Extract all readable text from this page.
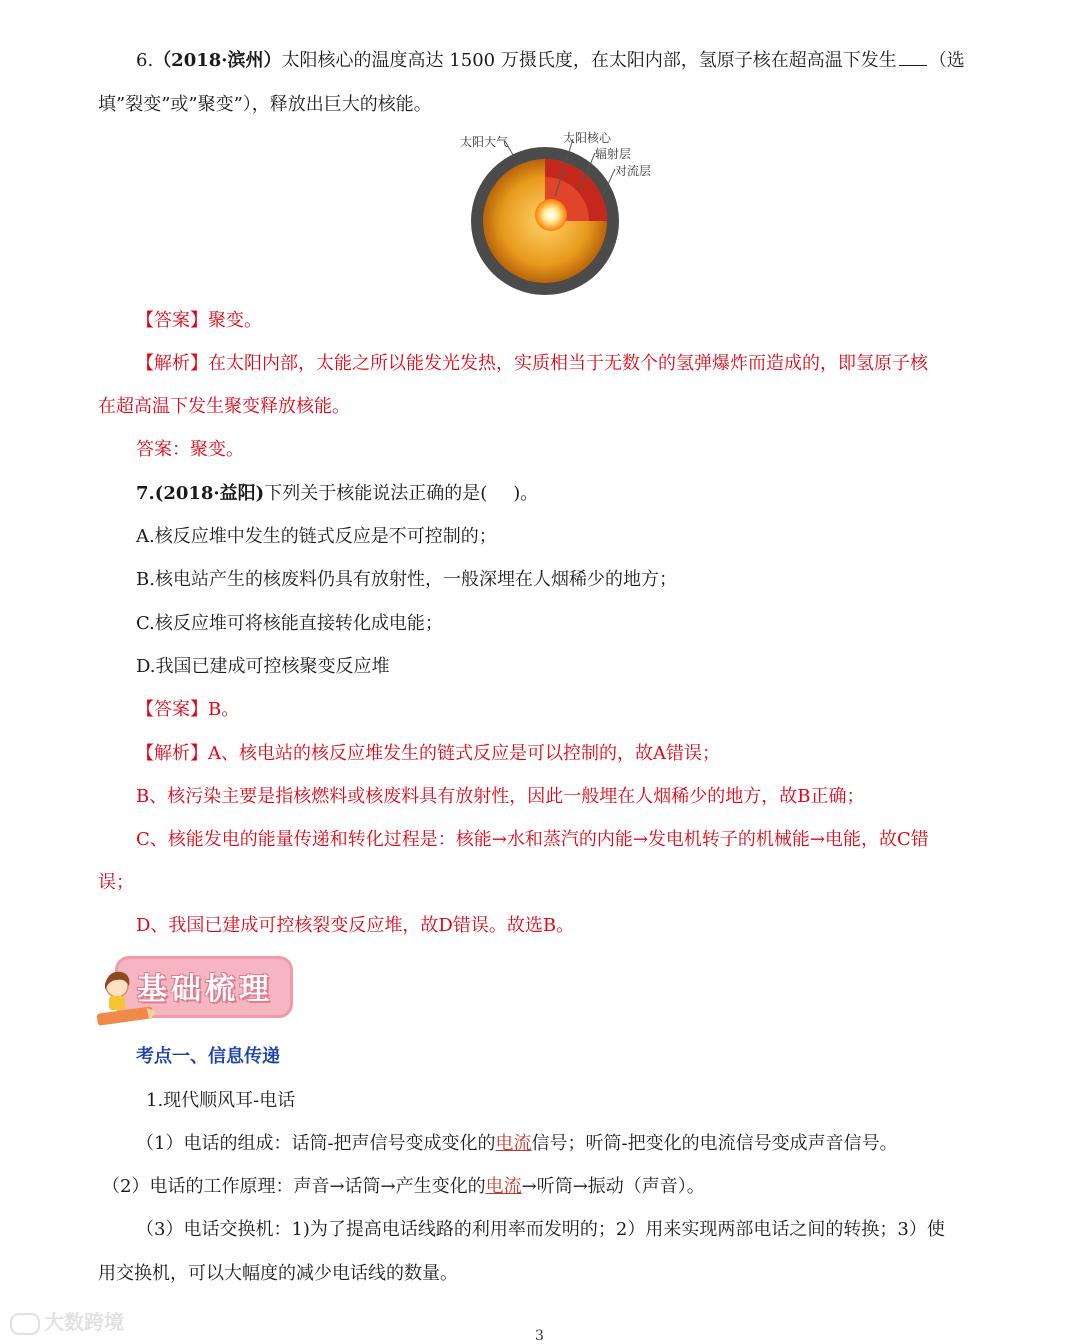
6.（2018·滨州）太阳核心的温度高达 1500 万摄氏度，在太阳内部，氢原子核在超高温下发生 （选
填”裂变”或”聚变”），释放出巨大的核能。
太阳大气	太阳核心
辐射层
对流层
【答案】聚变。
【解析】在太阳内部，太能之所以能发光发热，实质相当于无数个的氢弹爆炸而造成的，即氢原子核
在超高温下发生聚变释放核能。
答案：聚变。
7.(2018·益阳)下列关于核能说法正确的是( )。
A.核反应堆中发生的链式反应是不可控制的；
B.核电站产生的核废料仍具有放射性，一般深埋在人烟稀少的地方；
C.核反应堆可将核能直接转化成电能；
D.我国已建成可控核聚变反应堆
【答案】B。
【解析】A、核电站的核反应堆发生的链式反应是可以控制的，故A错误；
B、核污染主要是指核燃料或核废料具有放射性，因此一般埋在人烟稀少的地方，故B正确；
C、核能发电的能量传递和转化过程是：核能→水和蒸汽的内能→发电机转子的机械能→电能，故C错
误；
D、我国已建成可控核裂变反应堆，故D错误。故选B。
基础梳理
考点一、信息传递
1.现代顺风耳-电话
（1）电话的组成：话筒-把声信号变成变化的电流信号；听筒-把变化的电流信号变成声音信号。
（2）电话的工作原理：声音→话筒→产生变化的电流→听筒→振动（声音）。
（3）电话交换机：1)为了提高电话线路的利用率而发明的；2）用来实现两部电话之间的转换；3）使
用交换机，可以大幅度的减少电话线的数量。
大数跨境
3
